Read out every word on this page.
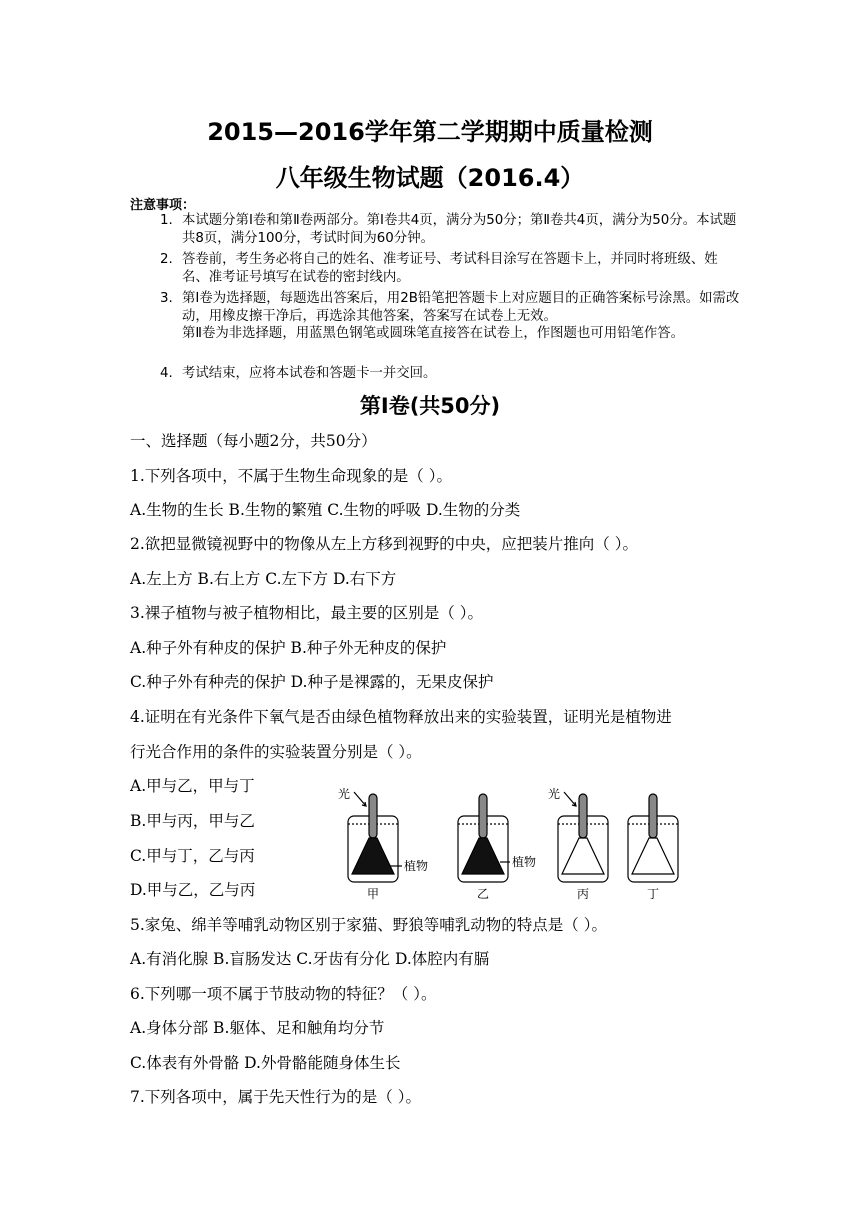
2015—2016学年第二学期期中质量检测
八年级生物试题（2016.4）
注意事项：
1. 本试题分第Ⅰ卷和第Ⅱ卷两部分。第Ⅰ卷共4页，满分为50分；第Ⅱ卷共4页，满分为50分。本试题共8页，满分100分，考试时间为60分钟。
2. 答卷前，考生务必将自己的姓名、准考证号、考试科目涂写在答题卡上，并同时将班级、姓名、准考证号填写在试卷的密封线内。
3. 第Ⅰ卷为选择题，每题选出答案后，用2B铅笔把答题卡上对应题目的正确答案标号涂黑。如需改动，用橡皮擦干净后，再选涂其他答案，答案写在试卷上无效。
第Ⅱ卷为非选择题，用蓝黑色钢笔或圆珠笔直接答在试卷上，作图题也可用铅笔作答。
4. 考试结束，应将本试卷和答题卡一并交回。
第Ⅰ卷(共50分)
一、选择题（每小题2分，共50分）
1.下列各项中，不属于生物生命现象的是（ ）。
A.生物的生长 B.生物的繁殖 C.生物的呼吸 D.生物的分类
2.欲把显微镜视野中的物像从左上方移到视野的中央，应把装片推向（ ）。
A.左上方 B.右上方 C.左下方 D.右下方
3.裸子植物与被子植物相比，最主要的区别是（ ）。
A.种子外有种皮的保护 B.种子外无种皮的保护
C.种子外有种壳的保护 D.种子是裸露的，无果皮保护
4.证明在有光条件下氧气是否由绿色植物释放出来的实验装置，证明光是植物进
行光合作用的条件的实验装置分别是（ ）。
A.甲与乙，甲与丁
B.甲与丙，甲与乙
C.甲与丁，乙与丙
D.甲与乙，乙与丙
光	光
植物	植物
甲	乙	丙	丁
5.家兔、绵羊等哺乳动物区别于家猫、野狼等哺乳动物的特点是（ ）。
A.有消化腺 B.盲肠发达 C.牙齿有分化 D.体腔内有膈
6.下列哪一项不属于节肢动物的特征？（ ）。
A.身体分部 B.躯体、足和触角均分节
C.体表有外骨骼 D.外骨骼能随身体生长
7.下列各项中，属于先天性行为的是（ ）。
